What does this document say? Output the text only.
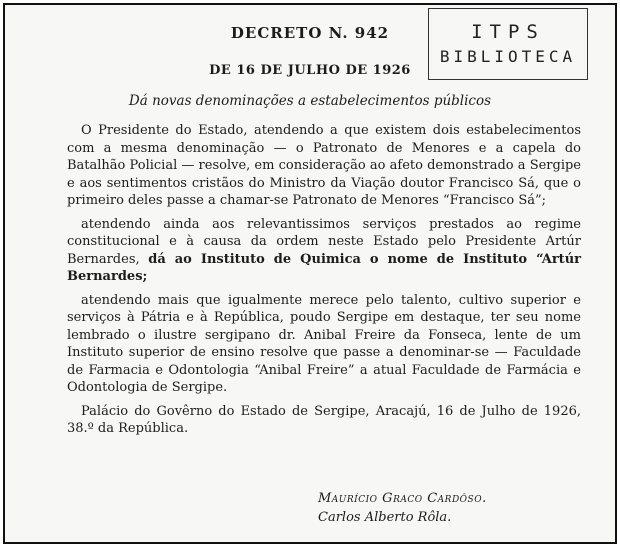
ITPS
BIBLIOTECA
DECRETO N. 942
DE 16 DE JULHO DE 1926
Dá novas denominações a estabelecimentos públicos

O Presidente do Estado, atendendo a que existem dois estabelecimentos com a mesma denominação — o Patronato de Menores e a capela do Batalhão Policial — resolve, em consideração ao afeto demonstrado a Sergipe e aos sentimentos cristãos do Ministro da Viação doutor Francisco Sá, que o primeiro deles passe a chamar-se Patronato de Menores “Francisco Sá”;

atendendo ainda aos relevantissimos serviços prestados ao regime constitucional e à causa da ordem neste Estado pelo Presidente Artúr Bernardes, dá ao Instituto de Quimica o nome de Instituto “Artúr Bernardes;

atendendo mais que igualmente merece pelo talento, cultivo superior e serviços à Pátria e à República, poudo Sergipe em destaque, ter seu nome lembrado o ilustre sergipano dr. Anibal Freire da Fonseca, lente de um Instituto superior de ensino resolve que passe a denominar-se — Faculdade de Farmacia e Odontologia “Anibal Freire” a atual Faculdade de Farmácia e Odontologia de Sergipe.

Palácio do Govêrno do Estado de Sergipe, Aracajú, 16 de Julho de 1926, 38.º da República.

Maurício Graco Cardôso.
Carlos Alberto Rôla.
